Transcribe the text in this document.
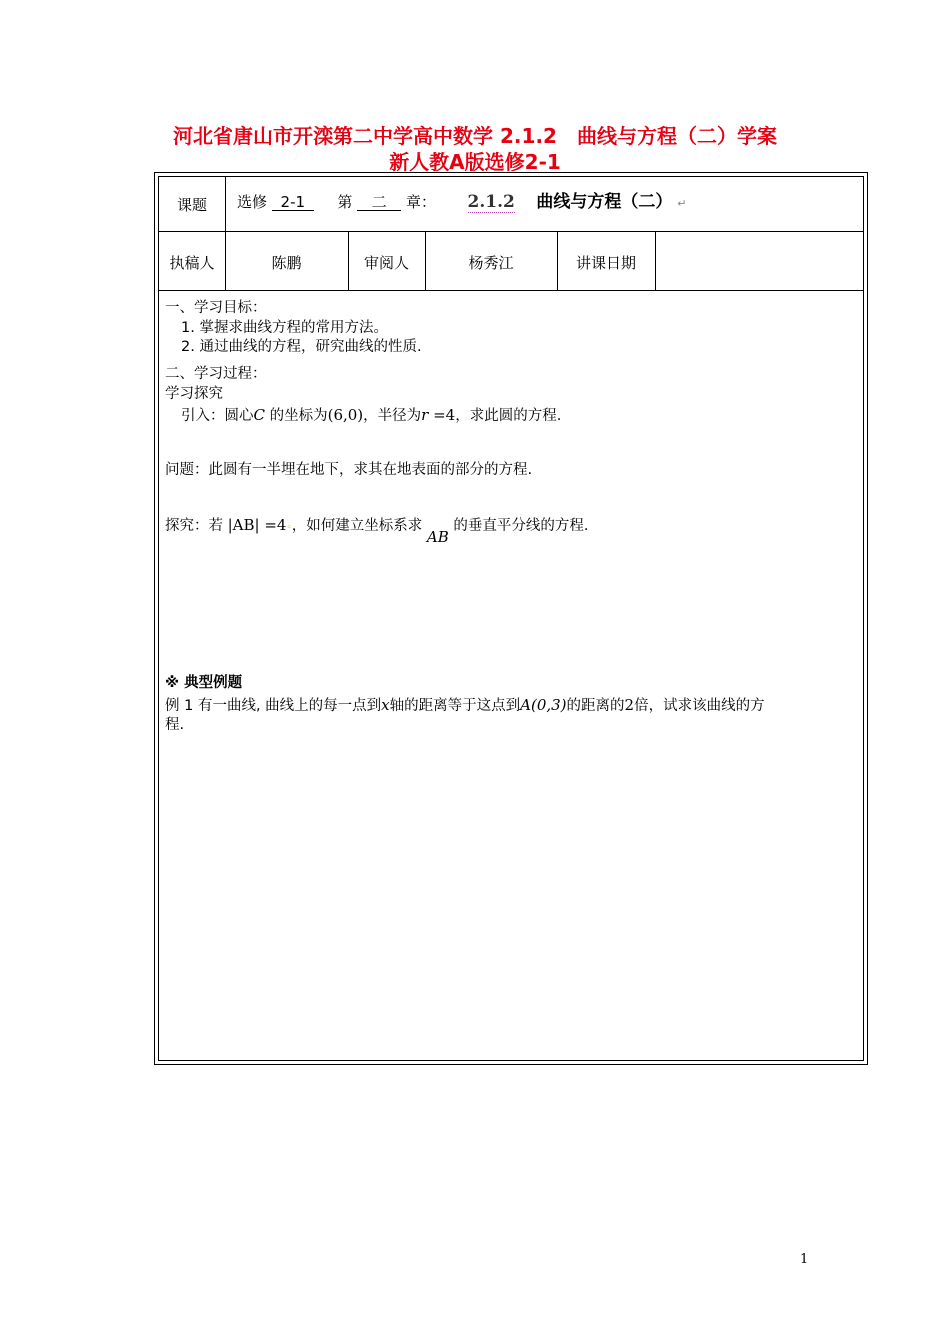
河北省唐山市开滦第二中学高中数学 2.1.2　曲线与方程（二）学案
新人教A版选修2-1
课题	选修 2-1 第 二 章： 2.1.2 曲线与方程（二） ↵
执稿人	陈鹏	审阅人	杨秀江	讲课日期
一、学习目标：
1. 掌握求曲线方程的常用方法。
2. 通过曲线的方程，研究曲线的性质.
二、学习过程：
学习探究
引入：圆心C 的坐标为(6,0)，半径为r =4，求此圆的方程.
问题：此圆有一半埋在地下，求其在地表面的部分的方程.
探究：若 |AB| =4◦，如何建立坐标系求 AB 的垂直平分线的方程.
※ 典型例题
例 1 有一曲线, 曲线上的每一点到x轴的距离等于这点到A(0,3)的距离的2倍，试求该曲线的方
程.
1
